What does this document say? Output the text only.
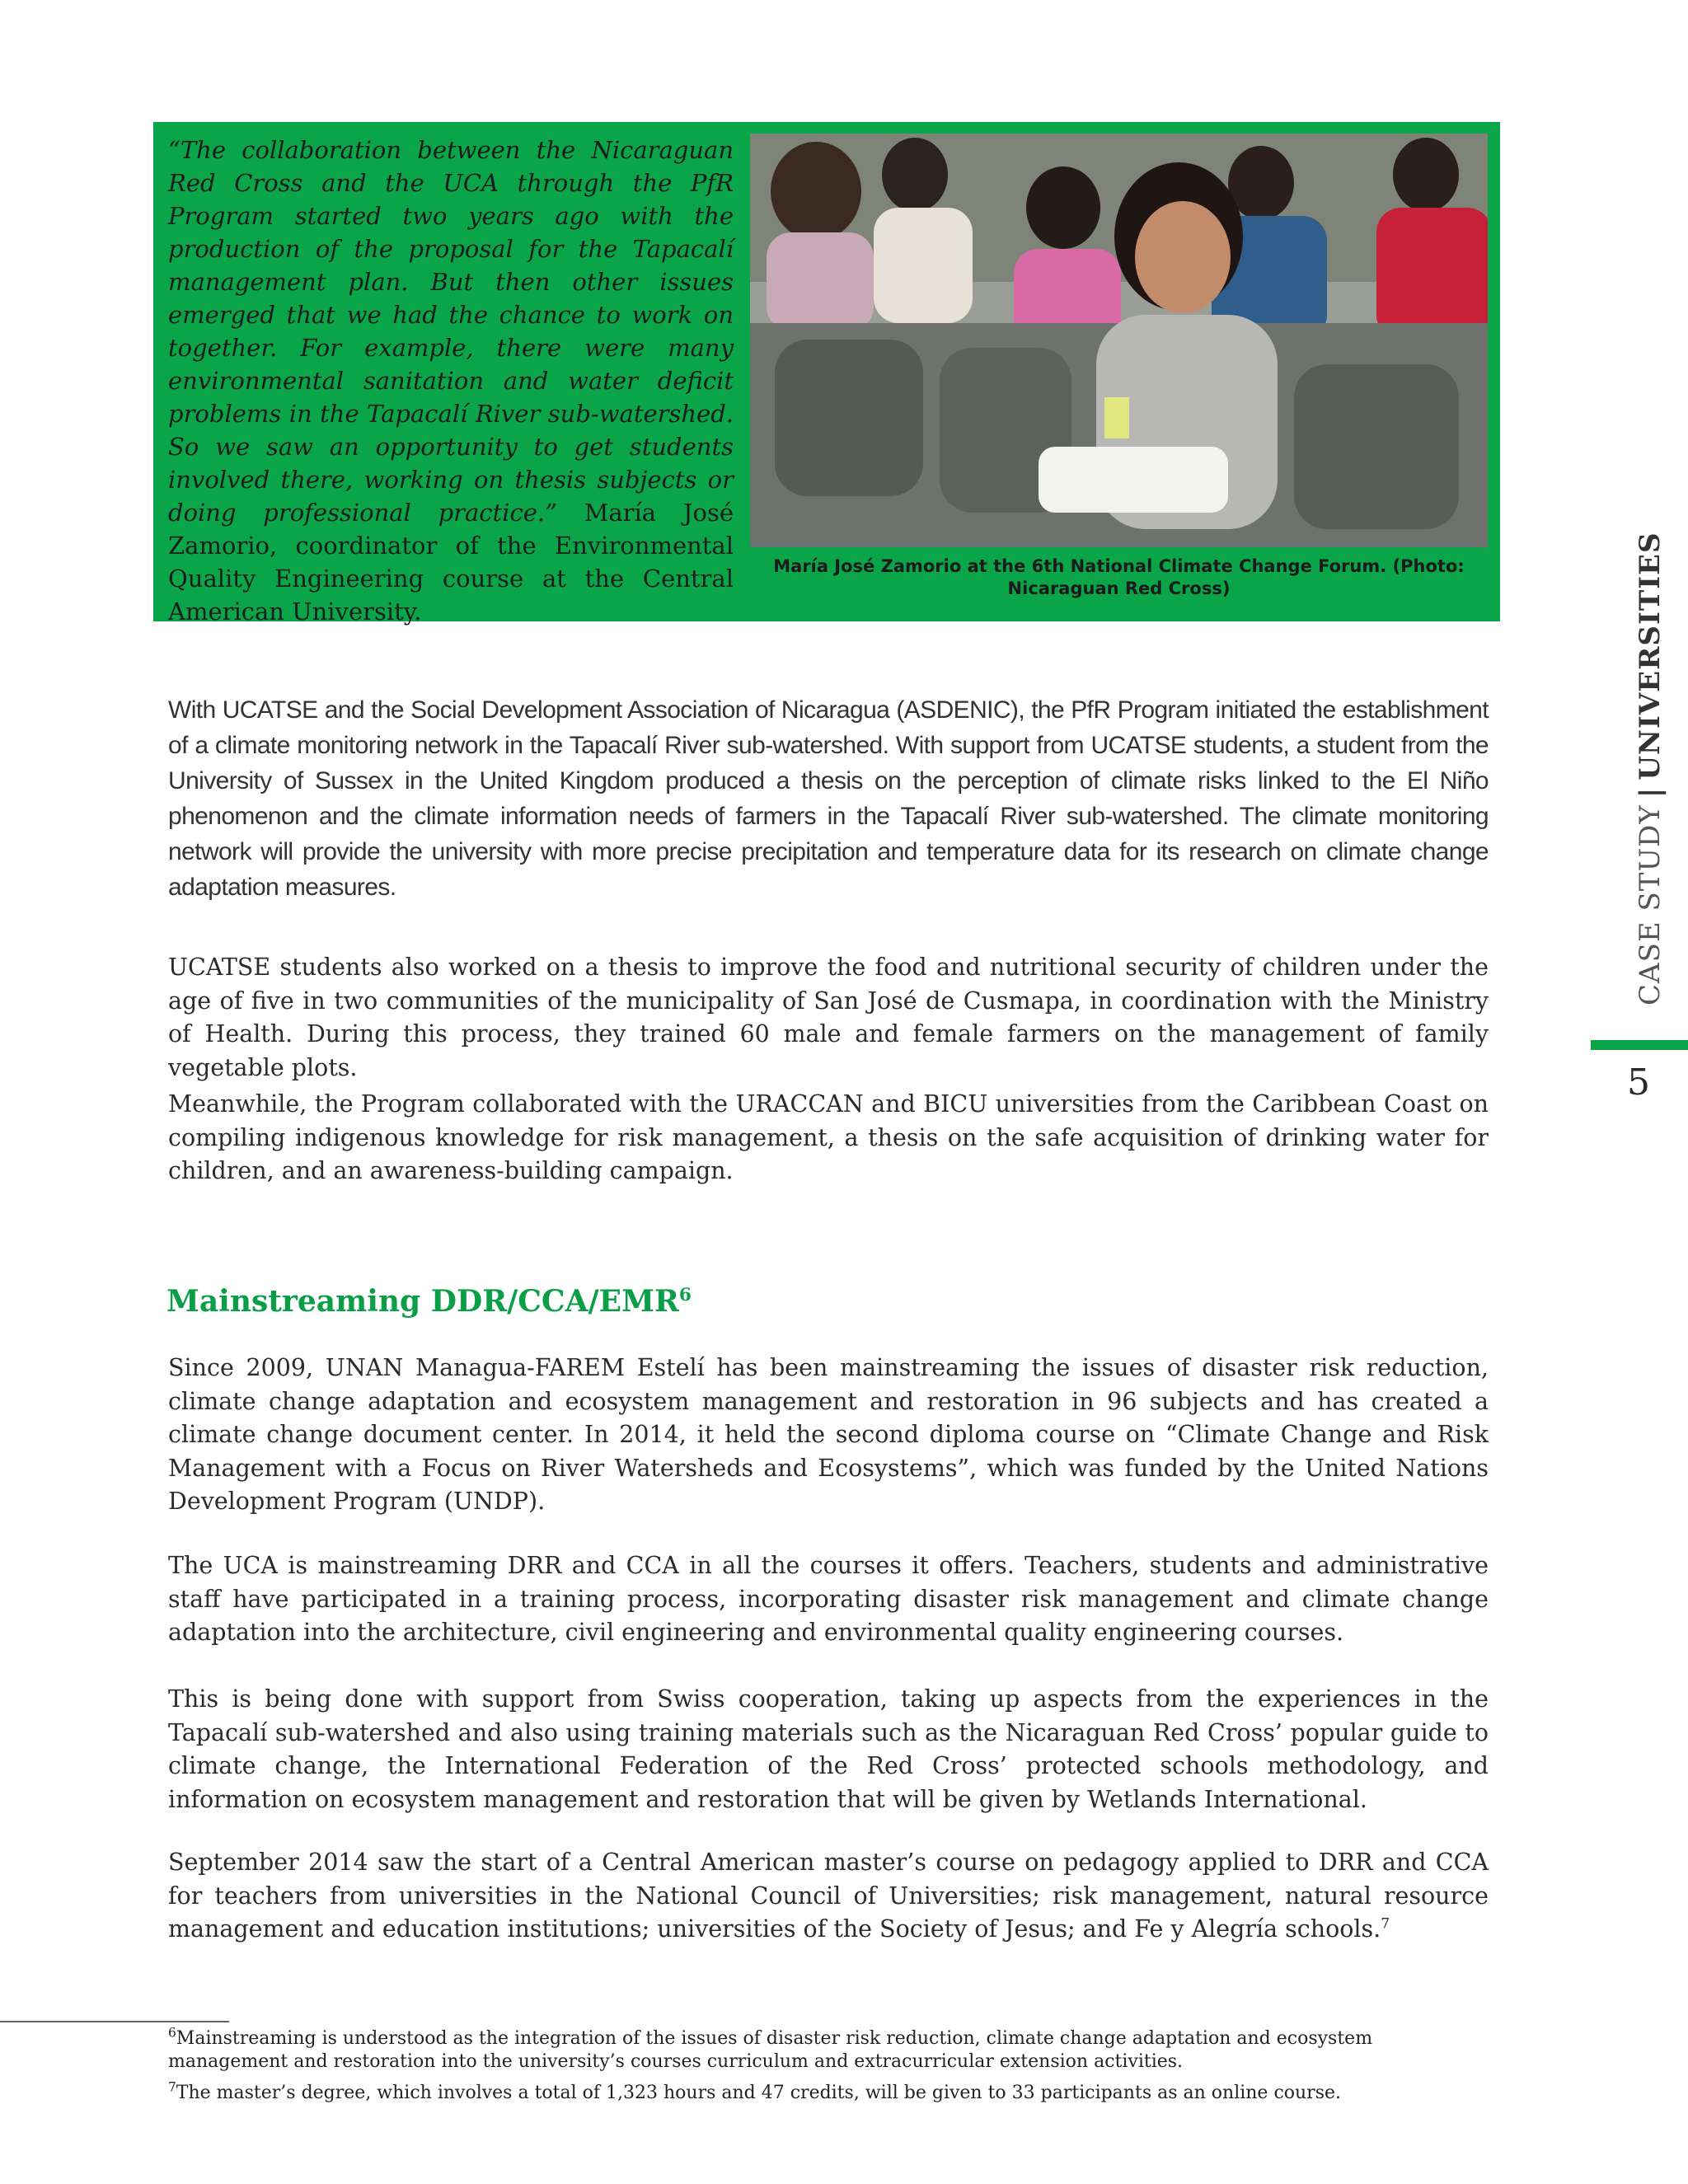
“The collaboration between the Nicaraguan Red Cross and the UCA through the PfR Program started two years ago with the production of the proposal for the Tapacalí management plan. But then other issues emerged that we had the chance to work on together. For example, there were many environmental sanitation and water deficit problems in the Tapacalí River sub-watershed. So we saw an opportunity to get students involved there, working on thesis subjects or doing professional practice.” María José Zamorio, coordinator of the Environmental Quality Engineering course at the Central American University.
María José Zamorio at the 6th National Climate Change Forum. (Photo: Nicaraguan Red Cross)

With UCATSE and the Social Development Association of Nicaragua (ASDENIC), the PfR Program initiated the establishment of a climate monitoring network in the Tapacalí River sub-watershed. With support from UCATSE students, a student from the University of Sussex in the United Kingdom produced a thesis on the perception of climate risks linked to the El Niño phenomenon and the climate information needs of farmers in the Tapacalí River sub-watershed. The climate monitoring network will provide the university with more precise precipitation and temperature data for its research on climate change adaptation measures.

UCATSE students also worked on a thesis to improve the food and nutritional security of children under the age of five in two communities of the municipality of San José de Cusmapa, in coordination with the Ministry of Health. During this process, they trained 60 male and female farmers on the management of family vegetable plots.

Meanwhile, the Program collaborated with the URACCAN and BICU universities from the Caribbean Coast on compiling indigenous knowledge for risk management, a thesis on the safe acquisition of drinking water for children, and an awareness-building campaign.

Mainstreaming DDR/CCA/EMR$^6$

Since 2009, UNAN Managua-FAREM Estelí has been mainstreaming the issues of disaster risk reduction, climate change adaptation and ecosystem management and restoration in 96 subjects and has created a climate change document center. In 2014, it held the second diploma course on “Climate Change and Risk Management with a Focus on River Watersheds and Ecosystems”, which was funded by the United Nations Development Program (UNDP).

The UCA is mainstreaming DRR and CCA in all the courses it offers. Teachers, students and administrative staff have participated in a training process, incorporating disaster risk management and climate change adaptation into the architecture, civil engineering and environmental quality engineering courses.

This is being done with support from Swiss cooperation, taking up aspects from the experiences in the Tapacalí sub-watershed and also using training materials such as the Nicaraguan Red Cross’ popular guide to climate change, the International Federation of the Red Cross’ protected schools methodology, and information on ecosystem management and restoration that will be given by Wetlands International.

September 2014 saw the start of a Central American master’s course on pedagogy applied to DRR and CCA for teachers from universities in the National Council of Universities; risk management, natural resource management and education institutions; universities of the Society of Jesus; and Fe y Alegría schools.$^7$

CASE STUDY|UNIVERSITIES
5

$^6$Mainstreaming is understood as the integration of the issues of disaster risk reduction, climate change adaptation and ecosystem management and restoration into the university’s courses curriculum and extracurricular extension activities.

$^7$The master’s degree, which involves a total of 1,323 hours and 47 credits, will be given to 33 participants as an online course.
